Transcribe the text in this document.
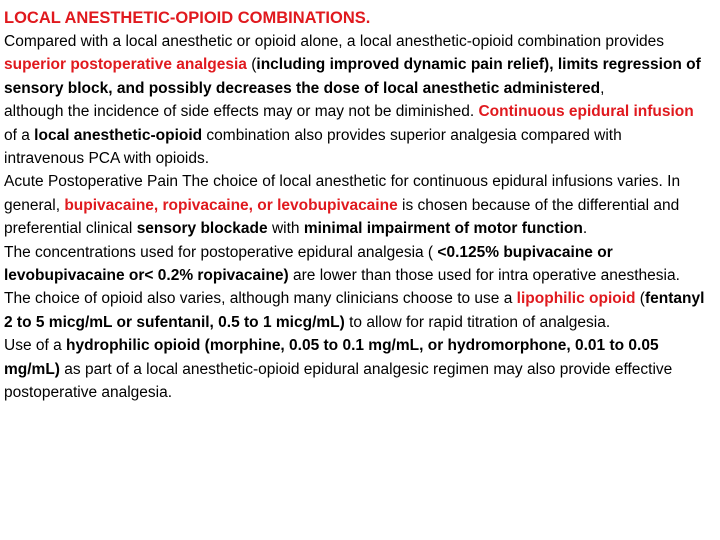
LOCAL ANESTHETIC-OPIOID COMBINATIONS.

Compared with a local anesthetic or opioid alone, a local anesthetic-opioid combination provides superior postoperative analgesia (including improved dynamic pain relief), limits regression of sensory block, and possibly decreases the dose of local anesthetic administered,

although the incidence of side effects may or may not be diminished. Continuous epidural infusion of a local anesthetic-opioid combination also provides superior analgesia compared with intravenous PCA with opioids.

Acute Postoperative Pain The choice of local anesthetic for continuous epidural infusions varies. In general, bupivacaine, ropivacaine, or levobupivacaine is chosen because of the differential and preferential clinical sensory blockade with minimal impairment of motor function.

The concentrations used for postoperative epidural analgesia ( <0.125% bupivacaine or levobupivacaine or< 0.2% ropivacaine) are lower than those used for intra operative anesthesia.

The choice of opioid also varies, although many clinicians choose to use a lipophilic opioid (fentanyl 2 to 5 micg/mL or sufentanil, 0.5 to 1 micg/mL) to allow for rapid titration of analgesia.

Use of a hydrophilic opioid (morphine, 0.05 to 0.1 mg/mL, or hydromorphone, 0.01 to 0.05 mg/mL) as part of a local anesthetic-opioid epidural analgesic regimen may also provide effective postoperative analgesia.
